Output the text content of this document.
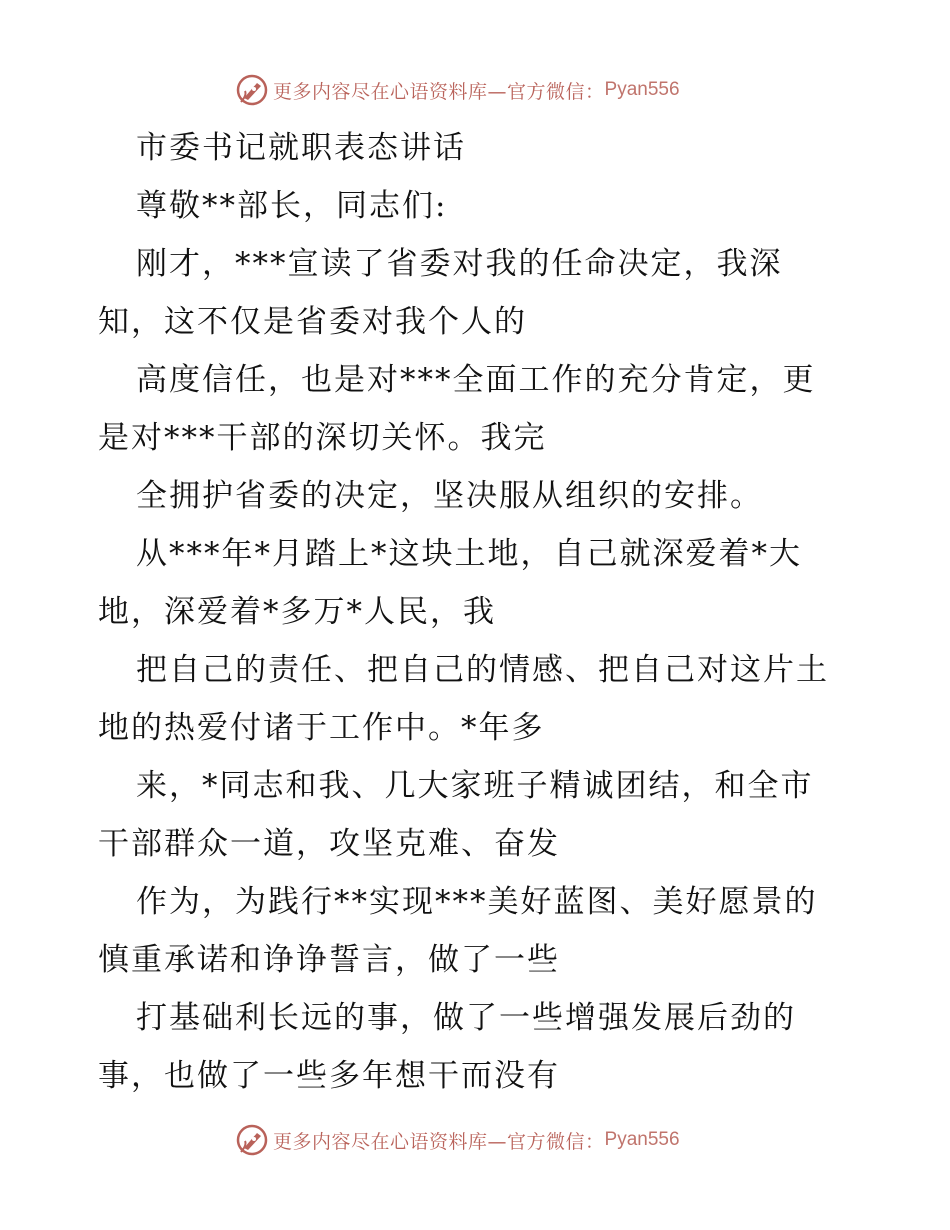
更多内容尽在心语资料库—官方微信： Pyan556
市委书记就职表态讲话
尊敬**部长，同志们:
刚才，***宣读了省委对我的任命决定，我深
知，这不仅是省委对我个人的
高度信任，也是对***全面工作的充分肯定，更
是对***干部的深切关怀。我完
全拥护省委的决定，坚决服从组织的安排。
从***年*月踏上*这块土地，自己就深爱着*大
地，深爱着*多万*人民，我
把自己的责任、把自己的情感、把自己对这片土
地的热爱付诸于工作中。*年多
来，*同志和我、几大家班子精诚团结，和全市
干部群众一道，攻坚克难、奋发
作为，为践行**实现***美好蓝图、美好愿景的
慎重承诺和诤诤誓言，做了一些
打基础利长远的事，做了一些增强发展后劲的
事，也做了一些多年想干而没有
更多内容尽在心语资料库—官方微信： Pyan556
